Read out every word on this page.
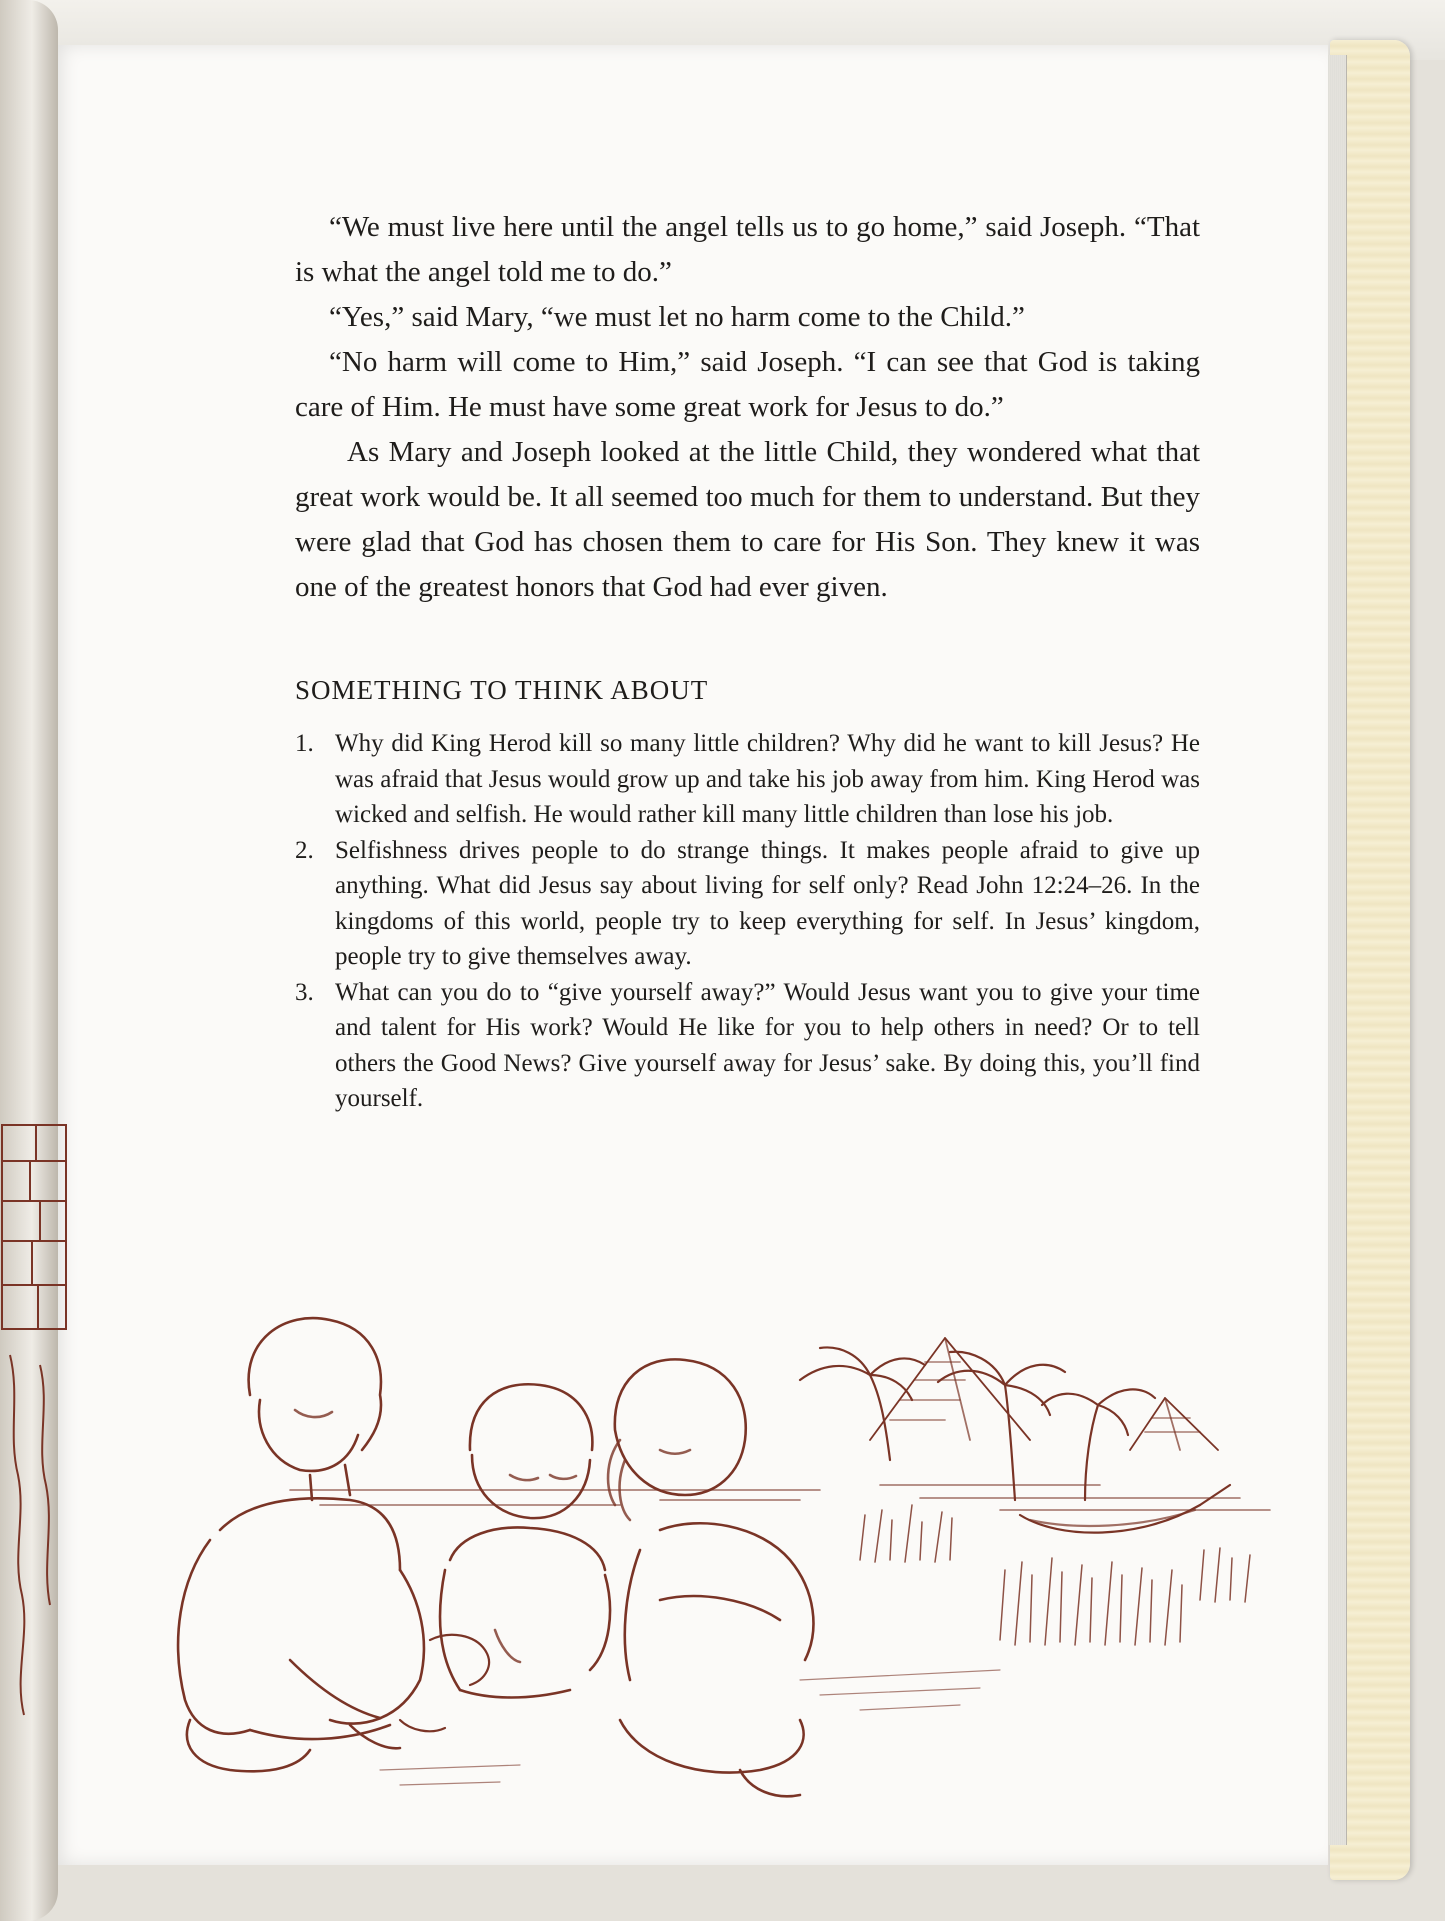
“We must live here until the angel tells us to go home,” said Joseph. “That is what the angel told me to do.”

“Yes,” said Mary, “we must let no harm come to the Child.”

“No harm will come to Him,” said Joseph. “I can see that God is taking care of Him. He must have some great work for Jesus to do.”

As Mary and Joseph looked at the little Child, they wondered what that great work would be. It all seemed too much for them to understand. But they were glad that God has chosen them to care for His Son. They knew it was one of the greatest honors that God had ever given.

SOMETHING TO THINK ABOUT
1. Why did King Herod kill so many little children? Why did he want to kill Jesus? He was afraid that Jesus would grow up and take his job away from him. King Herod was wicked and selfish. He would rather kill many little children than lose his job.
2. Selfishness drives people to do strange things. It makes people afraid to give up anything. What did Jesus say about living for self only? Read John 12:24–26. In the kingdoms of this world, people try to keep everything for self. In Jesus’ kingdom, people try to give themselves away.
3. What can you do to “give yourself away?” Would Jesus want you to give your time and talent for His work? Would He like for you to help others in need? Or to tell others the Good News? Give yourself away for Jesus’ sake. By doing this, you’ll find yourself.
